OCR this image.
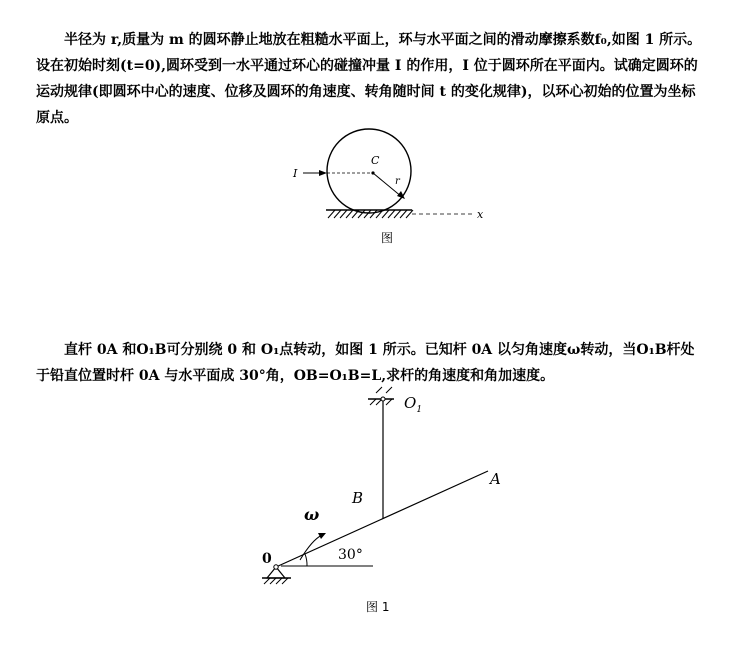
半径为 r,质量为 m 的圆环静止地放在粗糙水平面上，环与水平面之间的滑动摩擦系数f₀,如图 1 所示。设在初始时刻(t=0),圆环受到一水平通过环心的碰撞冲量 I 的作用，I 位于圆环所在平面内。试确定圆环的运动规律(即圆环中心的速度、位移及圆环的角速度、转角随时间 t 的变化规律)，以环心初始的位置为坐标原点。

x
I
C
r
图

直杆 0A 和O₁B可分别绕 0 和 O₁点转动，如图 1 所示。已知杆 0A 以匀角速度ω转动，当O₁B杆处于铅直位置时杆 0A 与水平面成 30°角，OB=O₁B=L,求杆的角速度和角加速度。

$O_1$
B
A
30°
ω
0
图 1
